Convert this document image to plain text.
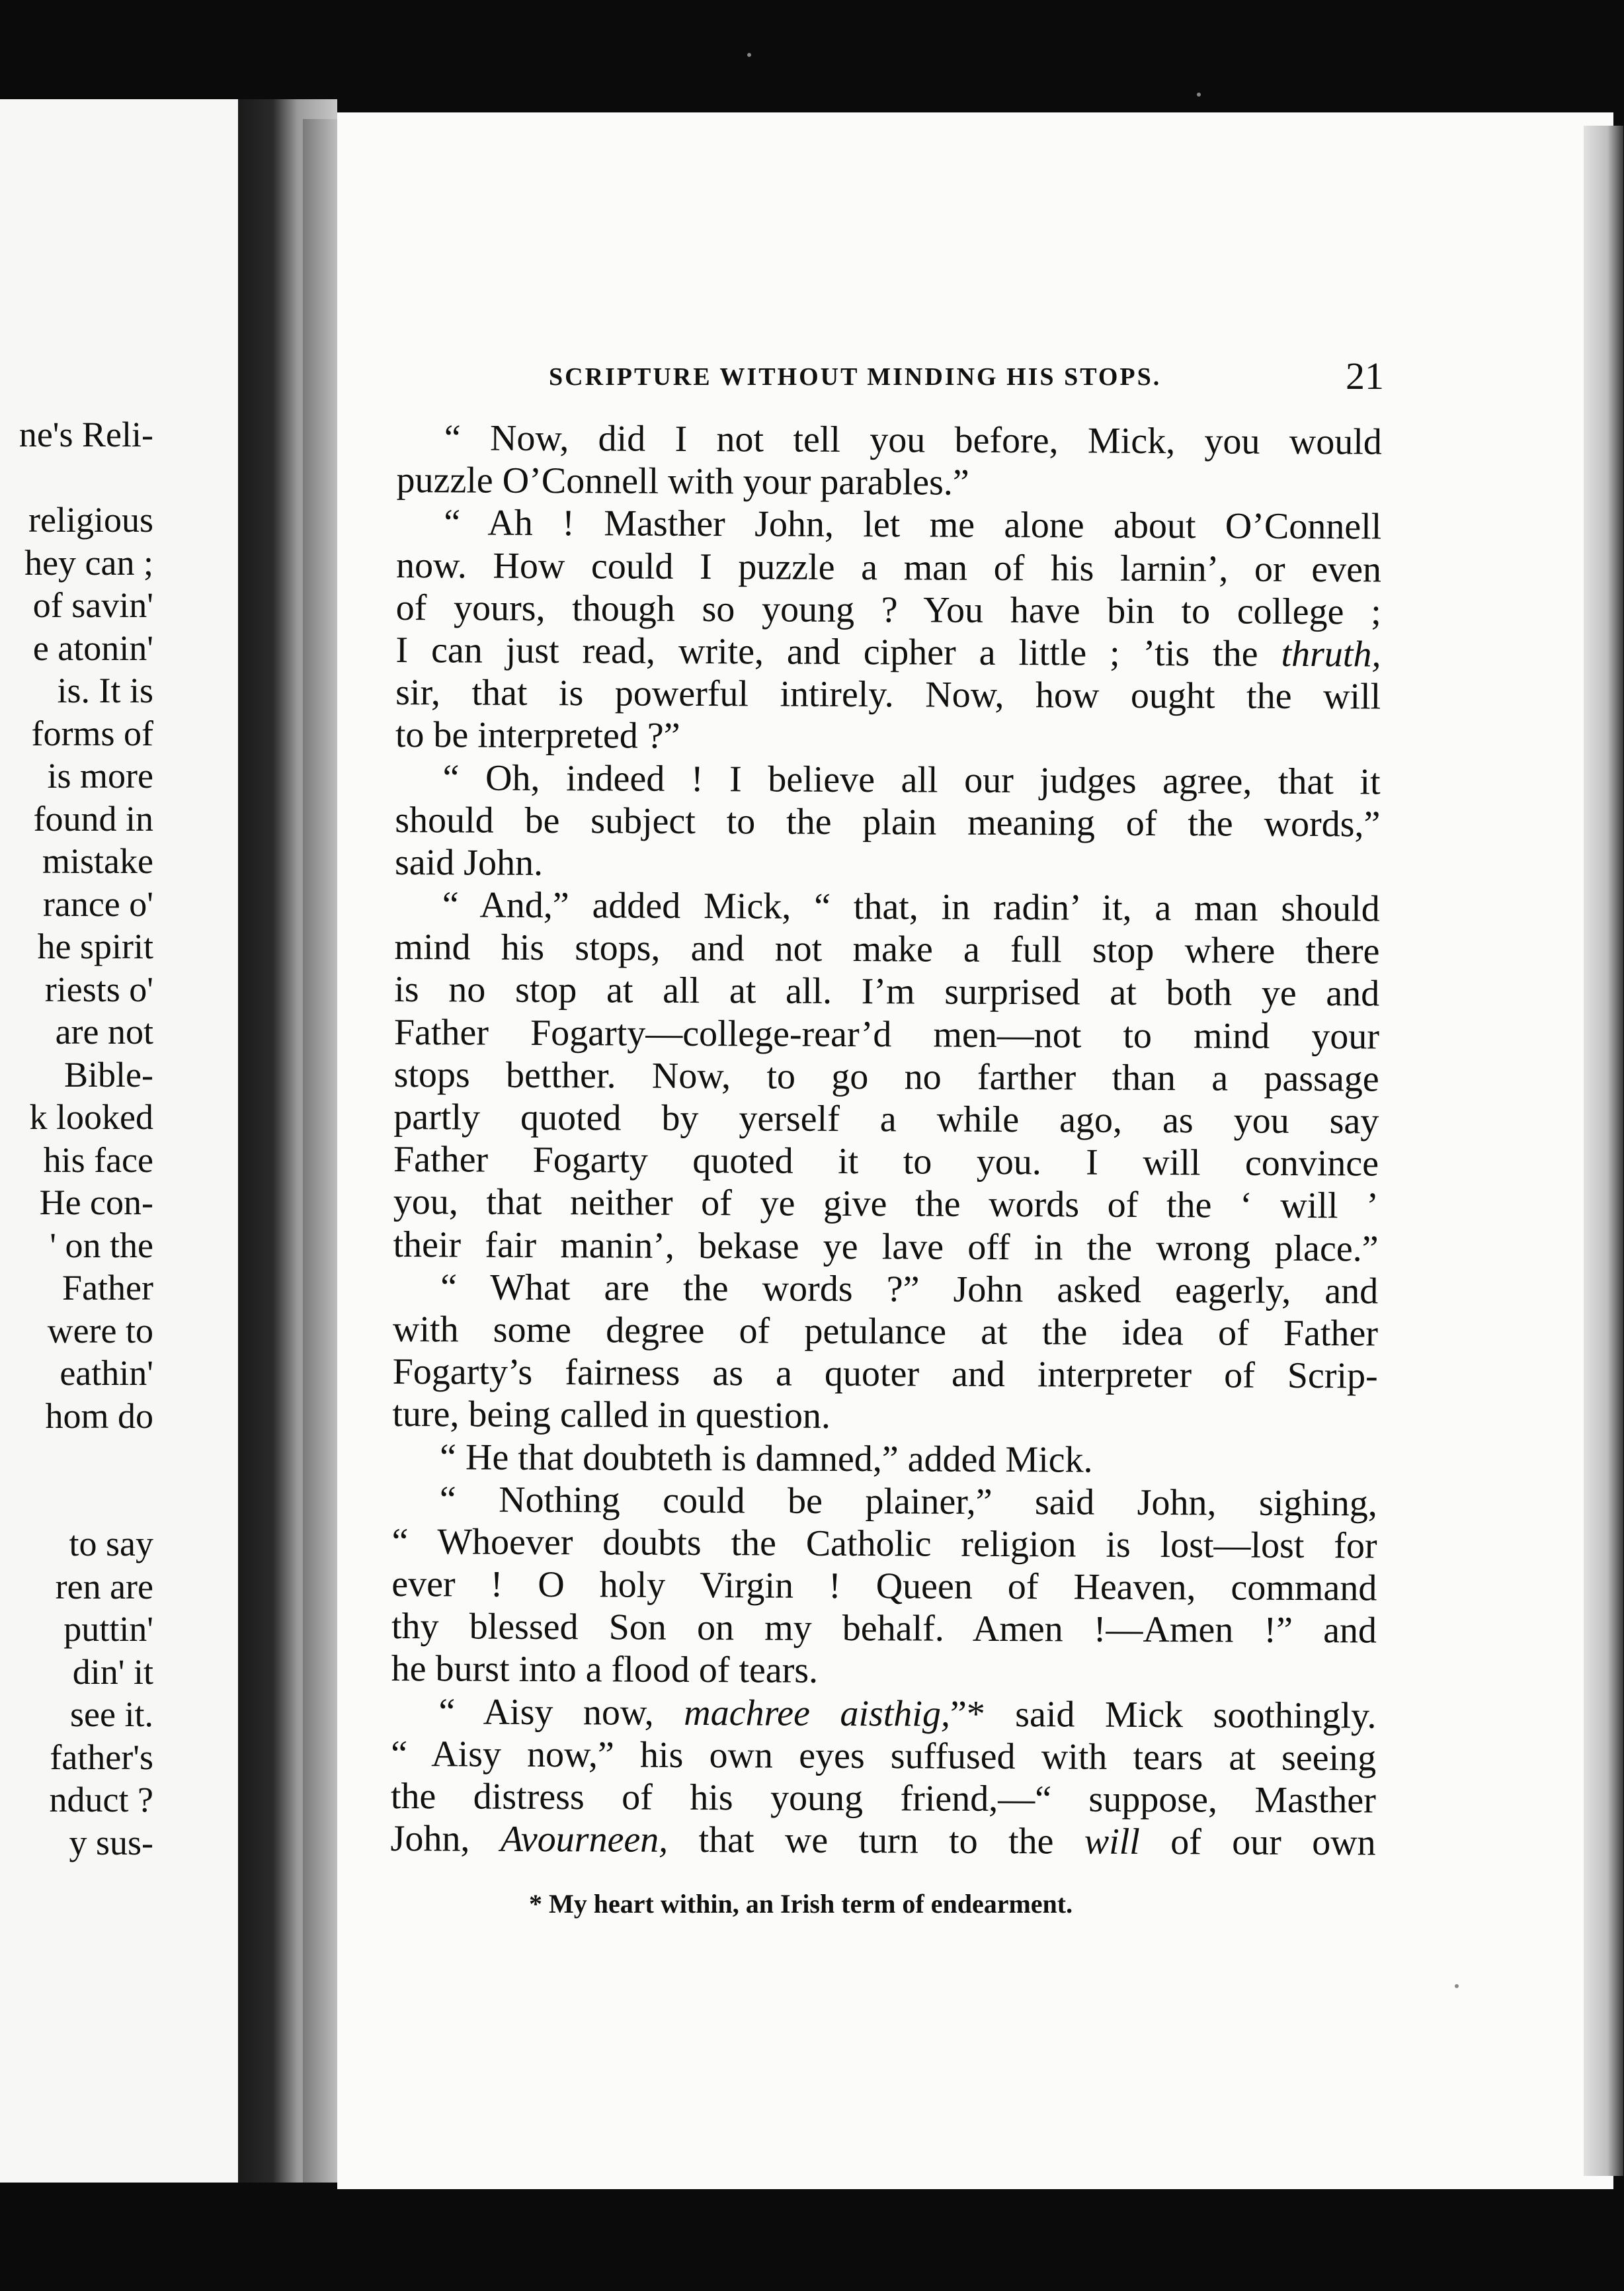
ne's Reli-
religious
hey can ;
of savin'
e atonin'
is. It is
forms of
is more
found in
mistake
rance o'
he spirit
riests o'
are not
Bible-
k looked
his face
He con-
' on the
Father
were to
eathin'
hom do
to say
ren are
puttin'
din' it
see it.
father's
nduct ?
y sus-
SCRIPTURE WITHOUT MINDING HIS STOPS.	21
“ Now, did I not tell you before, Mick, you would
puzzle O’Connell with your parables.”
“ Ah ! Masther John, let me alone about O’Connell
now. How could I puzzle a man of his larnin’, or even
of yours, though so young ? You have bin to college ;
I can just read, write, and cipher a little ; ’tis the thruth,
sir, that is powerful intirely. Now, how ought the will
to be interpreted ?”
“ Oh, indeed ! I believe all our judges agree, that it
should be subject to the plain meaning of the words,”
said John.
“ And,” added Mick, “ that, in radin’ it, a man should
mind his stops, and not make a full stop where there
is no stop at all at all. I’m surprised at both ye and
Father Fogarty—college-rear’d men—not to mind your
stops betther. Now, to go no farther than a passage
partly quoted by yerself a while ago, as you say
Father Fogarty quoted it to you. I will convince
you, that neither of ye give the words of the ‘ will ’
their fair manin’, bekase ye lave off in the wrong place.”
“ What are the words ?” John asked eagerly, and
with some degree of petulance at the idea of Father
Fogarty’s fairness as a quoter and interpreter of Scrip-
ture, being called in question.
“ He that doubteth is damned,” added Mick.
“ Nothing could be plainer,” said John, sighing,
“ Whoever doubts the Catholic religion is lost—lost for
ever ! O holy Virgin ! Queen of Heaven, command
thy blessed Son on my behalf. Amen !—Amen !” and
he burst into a flood of tears.
“ Aisy now, machree aisthig,”* said Mick soothingly.
“ Aisy now,” his own eyes suffused with tears at seeing
the distress of his young friend,—“ suppose, Masther
John, Avourneen, that we turn to the will of our own
* My heart within, an Irish term of endearment.
